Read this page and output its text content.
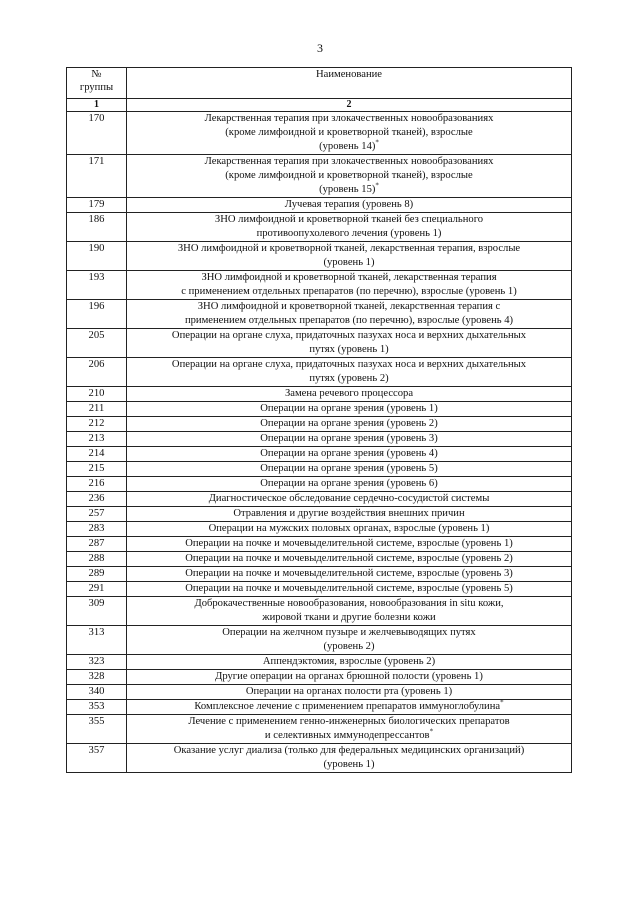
3
№
группы	Наименование
1	2
170	Лекарственная терапия при злокачественных новообразованиях
(кроме лимфоидной и кроветворной тканей), взрослые
(уровень 14)*

171	Лекарственная терапия при злокачественных новообразованиях
(кроме лимфоидной и кроветворной тканей), взрослые
(уровень 15)*

179	Лучевая терапия (уровень 8)

186	ЗНО лимфоидной и кроветворной тканей без специального
противоопухолевого лечения (уровень 1)

190	ЗНО лимфоидной и кроветворной тканей, лекарственная терапия, взрослые
(уровень 1)

193	ЗНО лимфоидной и кроветворной тканей, лекарственная терапия
с применением отдельных препаратов (по перечню), взрослые (уровень 1)

196	ЗНО лимфоидной и кроветворной тканей, лекарственная терапия с
применением отдельных препаратов (по перечню), взрослые (уровень 4)

205	Операции на органе слуха, придаточных пазухах носа и верхних дыхательных
путях (уровень 1)

206	Операции на органе слуха, придаточных пазухах носа и верхних дыхательных
путях (уровень 2)

210	Замена речевого процессора

211	Операции на органе зрения (уровень 1)

212	Операции на органе зрения (уровень 2)

213	Операции на органе зрения (уровень 3)

214	Операции на органе зрения (уровень 4)

215	Операции на органе зрения (уровень 5)

216	Операции на органе зрения (уровень 6)

236	Диагностическое обследование сердечно-сосудистой системы

257	Отравления и другие воздействия внешних причин

283	Операции на мужских половых органах, взрослые (уровень 1)

287	Операции на почке и мочевыделительной системе, взрослые (уровень 1)

288	Операции на почке и мочевыделительной системе, взрослые (уровень 2)

289	Операции на почке и мочевыделительной системе, взрослые (уровень 3)

291	Операции на почке и мочевыделительной системе, взрослые (уровень 5)

309	Доброкачественные новообразования, новообразования in situ кожи,
жировой ткани и другие болезни кожи

313	Операции на желчном пузыре и желчевыводящих путях
(уровень 2)

323	Аппендэктомия, взрослые (уровень 2)

328	Другие операции на органах брюшной полости (уровень 1)

340	Операции на органах полости рта (уровень 1)

353	Комплексное лечение с применением препаратов иммуноглобулина*

355	Лечение с применением генно-инженерных биологических препаратов
и селективных иммунодепрессантов*

357	Оказание услуг диализа (только для федеральных медицинских организаций)
(уровень 1)
